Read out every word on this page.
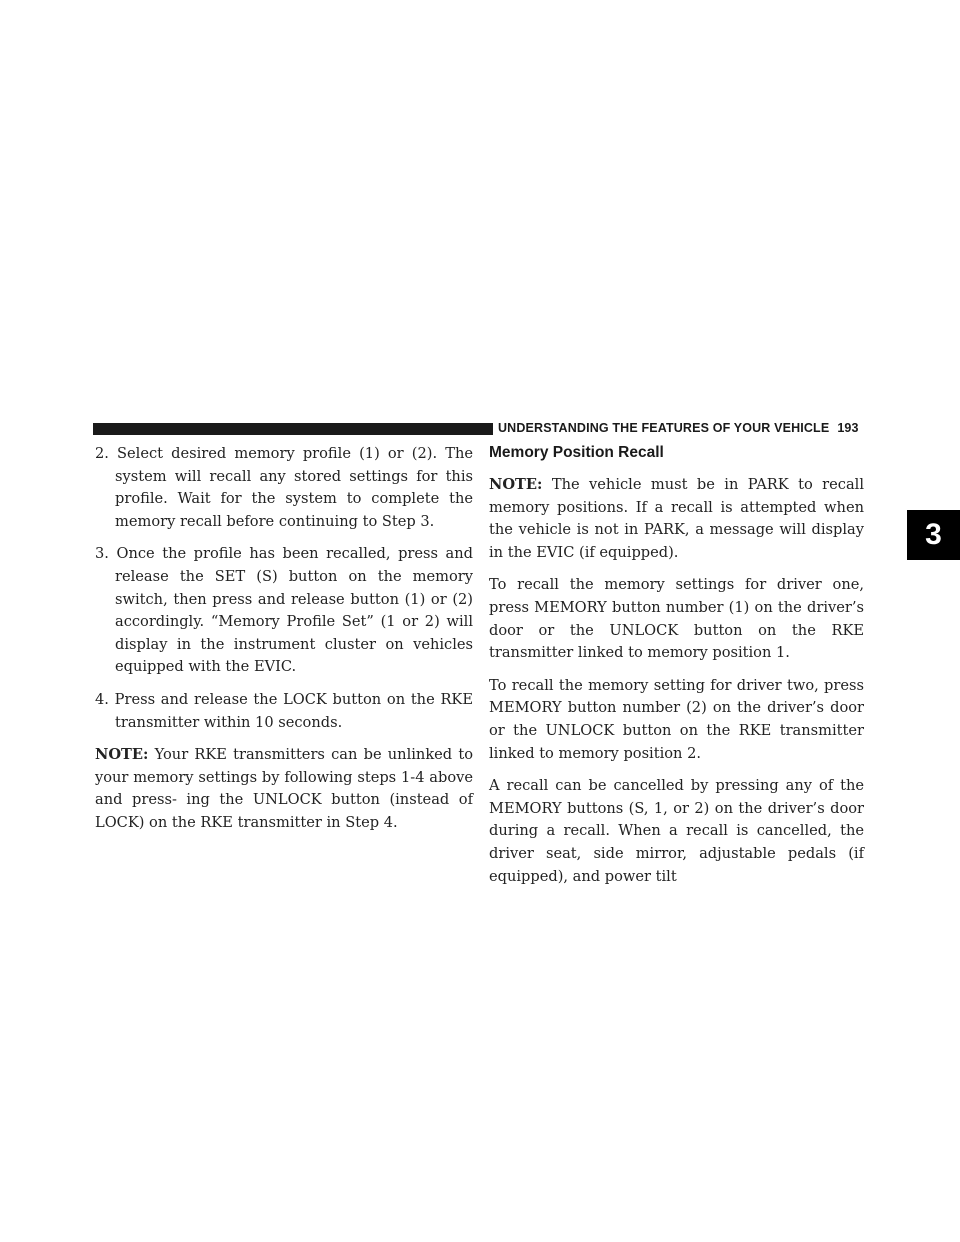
UNDERSTANDING THE FEATURES OF YOUR VEHICLE 193
3

2. Select desired memory profile (1) or (2). The system will recall any stored settings for this profile. Wait for the system to complete the memory recall before continuing to Step 3.

3. Once the profile has been recalled, press and release the SET (S) button on the memory switch, then press and release button (1) or (2) accordingly. “Memory Profile Set” (1 or 2) will display in the instrument cluster on vehicles equipped with the EVIC.

4. Press and release the LOCK button on the RKE transmitter within 10 seconds.

NOTE: Your RKE transmitters can be unlinked to your memory settings by following steps 1-4 above and press- ing the UNLOCK button (instead of LOCK) on the RKE transmitter in Step 4.

Memory Position Recall

NOTE: The vehicle must be in PARK to recall memory positions. If a recall is attempted when the vehicle is not in PARK, a message will display in the EVIC (if equipped).

To recall the memory settings for driver one, press MEMORY button number (1) on the driver’s door or the UNLOCK button on the RKE transmitter linked to memory position 1.

To recall the memory setting for driver two, press MEMORY button number (2) on the driver’s door or the UNLOCK button on the RKE transmitter linked to memory position 2.

A recall can be cancelled by pressing any of the MEMORY buttons (S, 1, or 2) on the driver’s door during a recall. When a recall is cancelled, the driver seat, side mirror, adjustable pedals (if equipped), and power tilt
